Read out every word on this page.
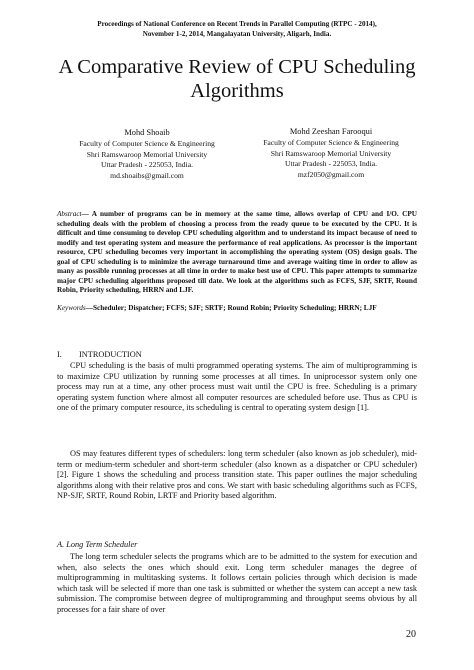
Proceedings of National Conference on Recent Trends in Parallel Computing (RTPC - 2014),
November 1-2, 2014, Mangalayatan University, Aligarh, India.
A Comparative Review of CPU Scheduling
Algorithms
Mohd Shoaib
Faculty of Computer Science & Engineering
Shri Ramswaroop Memorial University
Uttar Pradesh - 225053, India.
md.shoaibs@gmail.com
Mohd Zeeshan Farooqui
Faculty of Computer Science & Engineering
Shri Ramswaroop Memorial University
Uttar Pradesh - 225053, India.
mzf2050@gmail.com
Abstract— A number of programs can be in memory at the same time, allows overlap of CPU and I/O. CPU scheduling deals with the problem of choosing a process from the ready queue to be executed by the CPU. It is difficult and time consuming to develop CPU scheduling algorithm and to understand its impact because of need to modify and test operating system and measure the performance of real applications. As processor is the important resource, CPU scheduling becomes very important in accomplishing the operating system (OS) design goals. The goal of CPU scheduling is to minimize the average turnaround time and average waiting time in order to allow as many as possible running processes at all time in order to make best use of CPU. This paper attempts to summarize major CPU scheduling algorithms proposed till date. We look at the algorithms such as FCFS, SJF, SRTF, Round Robin, Priority scheduling, HRRN and LJF.
Keywords—Scheduler; Dispatcher; FCFS; SJF; SRTF; Round Robin; Priority Scheduling; HRRN; LJF
I. INTRODUCTION
CPU scheduling is the basis of multi programmed operating systems. The aim of multiprogramming is to maximize CPU utilization by running some processes at all times. In uniprocessor system only one process may run at a time, any other process must wait until the CPU is free. Scheduling is a primary operating system function where almost all computer resources are scheduled before use. Thus as CPU is one of the primary computer resource, its scheduling is central to operating system design [1].
OS may features different types of schedulers: long term scheduler (also known as job scheduler), mid-term or medium-term scheduler and short-term scheduler (also known as a dispatcher or CPU scheduler) [2]. Figure 1 shows the scheduling and process transition state. This paper outlines the major scheduling algorithms along with their relative pros and cons. We start with basic scheduling algorithms such as FCFS, NP-SJF, SRTF, Round Robin, LRTF and Priority based algorithm.
A. Long Term Scheduler
The long term scheduler selects the programs which are to be admitted to the system for execution and when, also selects the ones which should exit. Long term scheduler manages the degree of multiprogramming in multitasking systems. It follows certain policies through which decision is made which task will be selected if more than one task is submitted or whether the system can accept a new task submission. The compromise between degree of multiprogramming and throughput seems obvious by all processes for a fair share of over
20
